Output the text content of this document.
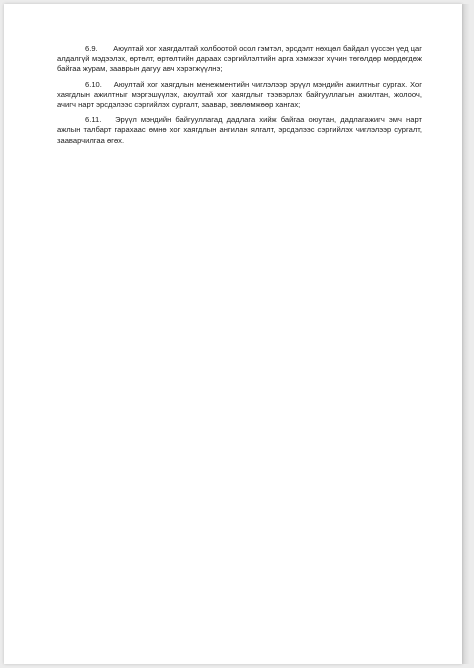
6.9. Аюултай хог хаягдалтай холбоотой осол гэмтэл, эрсдэлт нөхцөл байдал үүссэн үед цаг алдалгүй мэдээлэх, өртөлт, өртөлтийн дараах сэргийлэлтийн арга хэмжээг хүчин төгөлдөр мөрдөгдөж байгаа журам, зааврын дагуу авч хэрэгжүүлнэ;

6.10. Аюултай хог хаягдлын менежментийн чиглэлээр эрүүл мэндийн ажилтныг сургах. Хог хаягдлын ажилтныг мэргэшүүлэх, аюултай хог хаягдлыг тээвэрлэх байгууллагын ажилтан, жолооч, ачигч нарт эрсдэлээс сэргийлэх сургалт, заавар, зөвлөмжөөр хангах;

6.11. Эрүүл мэндийн байгууллагад дадлага хийж байгаа оюутан, дадлагажигч эмч нарт ажлын талбарт гарахаас өмнө хог хаягдлын ангилан ялгалт, эрсдэлээс сэргийлэх чиглэлээр сургалт, зааварчилгаа өгөх.
